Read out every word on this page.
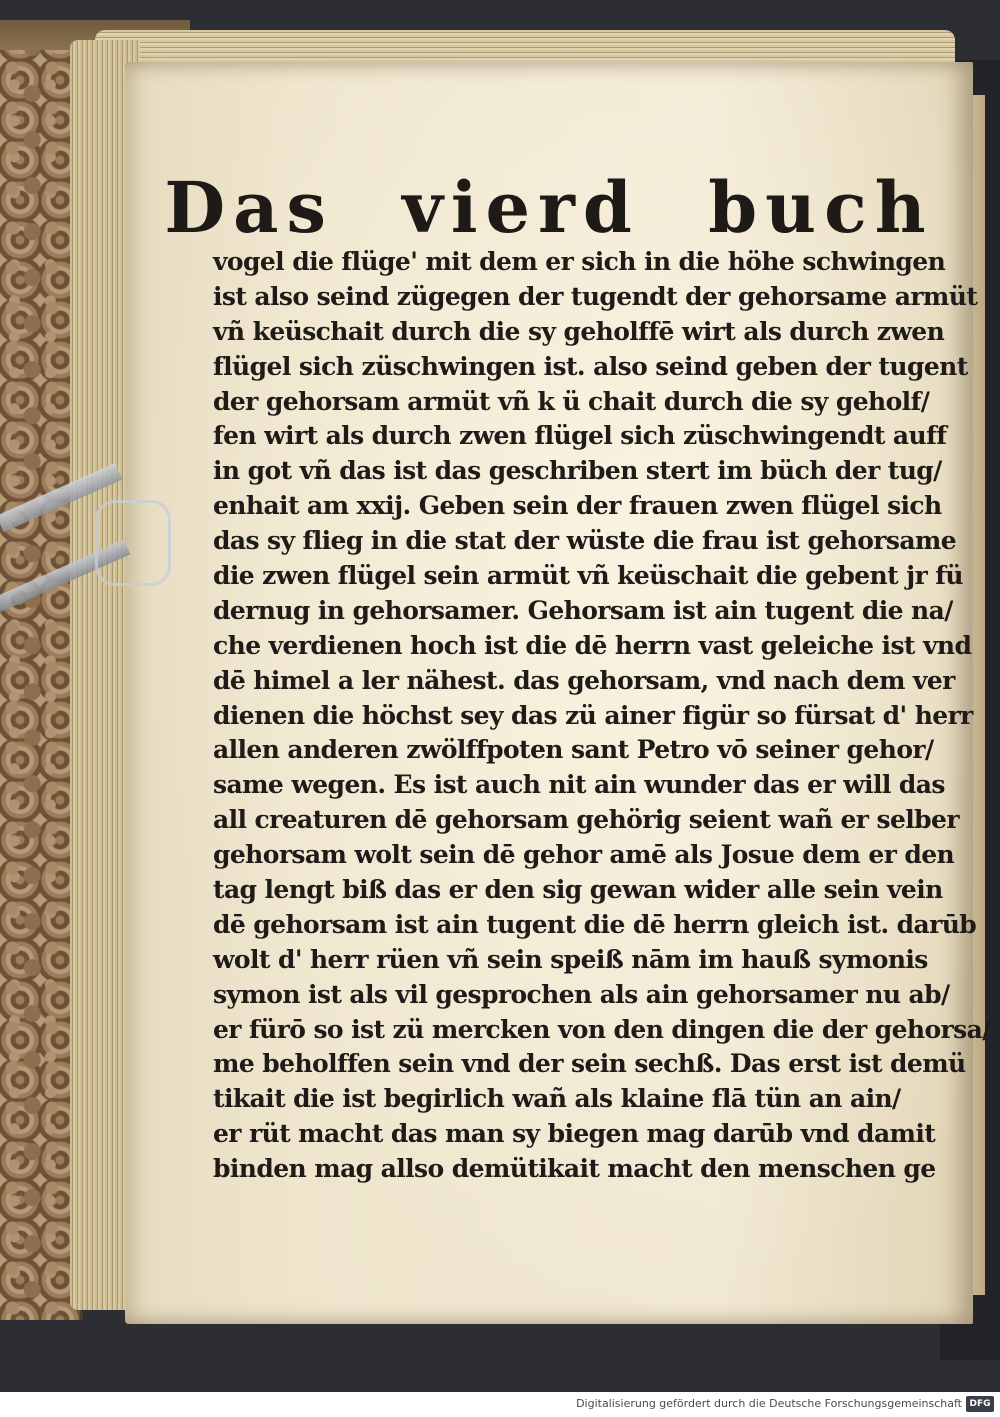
Das vierd buch
vogel die flüge' mit dem er sich in die höhe schwingen
ist also seind zügegen der tugendt der gehorsame armüt
vñ keüschait durch die sy geholffē wirt als durch zwen
flügel sich züschwingen ist. also seind geben der tugent
der gehorsam armüt vñ k ü chait durch die sy geholf/
fen wirt als durch zwen flügel sich züschwingendt auff
in got vñ das ist das geschriben stert im büch der tug/
enhait am xxij. Geben sein der frauen zwen flügel sich
das sy flieg in die stat der wüste die frau ist gehorsame
die zwen flügel sein armüt vñ keüschait die gebent jr fü
dernug in gehorsamer. Gehorsam ist ain tugent die na/
che verdienen hoch ist die dē herrn vast geleiche ist vnd
dē himel a ler nähest. das gehorsam, vnd nach dem ver
dienen die höchst sey das zü ainer figür so fürsat d' herr
allen anderen zwölffpoten sant Petro vō seiner gehor/
same wegen. Es ist auch nit ain wunder das er will das
all creaturen dē gehorsam gehörig seient wañ er selber
gehorsam wolt sein dē gehor amē als Josue dem er den
tag lengt biß das er den sig gewan wider alle sein vein
dē gehorsam ist ain tugent die dē herrn gleich ist. darūb
wolt d' herr rüen vñ sein speiß nām im hauß symonis
symon ist als vil gesprochen als ain gehorsamer nu ab/
er fürō so ist zü mercken von den dingen die der gehorsa/
me beholffen sein vnd der sein sechß. Das erst ist demü
tikait die ist begirlich wañ als klaine flā tün an ain/
er rüt macht das man sy biegen mag darūb vnd damit
binden mag allso demütikait macht den menschen ge
Digitalisierung gefördert durch die Deutsche Forschungsgemeinschaft DFG
